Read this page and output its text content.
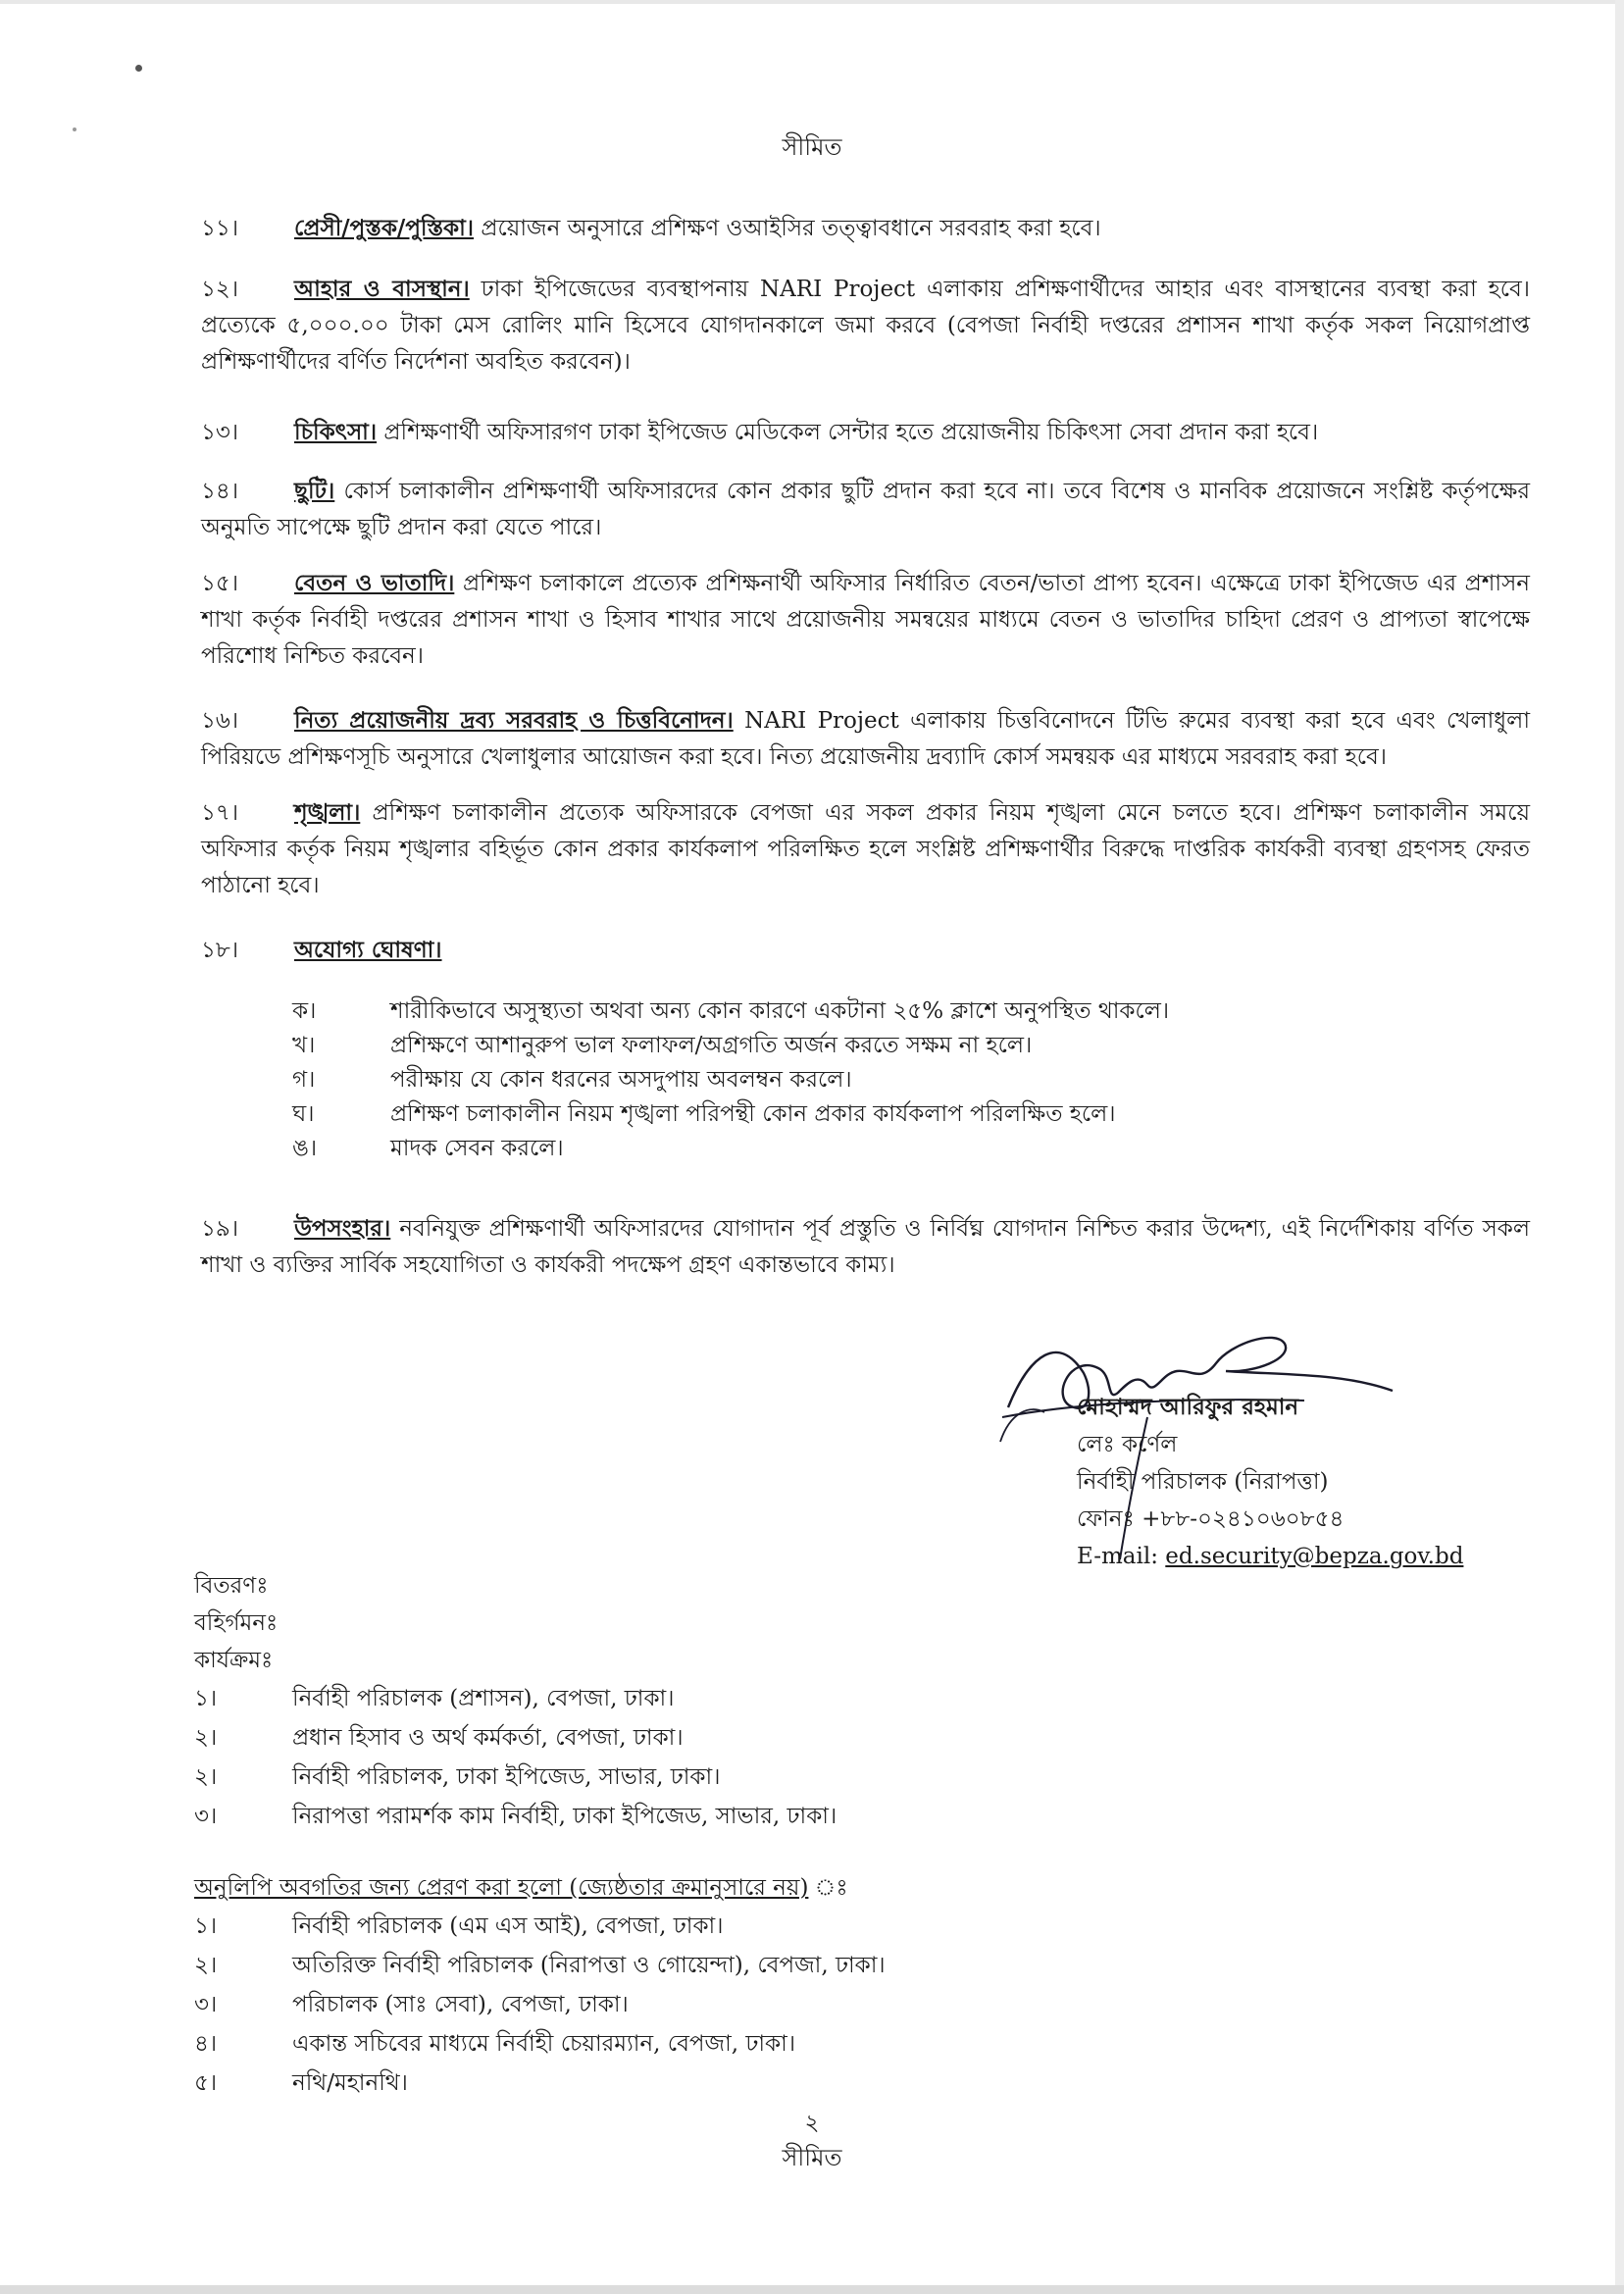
সীমিত
১১। প্রেসী/পুস্তক/পুস্তিকা। প্রয়োজন অনুসারে প্রশিক্ষণ ওআইসির তত্ত্বাবধানে সরবরাহ করা হবে।
১২। আহার ও বাসস্থান। ঢাকা ইপিজেডের ব্যবস্থাপনায় NARI Project এলাকায় প্রশিক্ষণার্থীদের আহার এবং বাসস্থানের ব্যবস্থা করা হবে। প্রত্যেকে ৫,০০০.০০ টাকা মেস রোলিং মানি হিসেবে যোগদানকালে জমা করবে (বেপজা নির্বাহী দপ্তরের প্রশাসন শাখা কর্তৃক সকল নিয়োগপ্রাপ্ত প্রশিক্ষণার্থীদের বর্ণিত নির্দেশনা অবহিত করবেন)।
১৩। চিকিৎসা। প্রশিক্ষণার্থী অফিসারগণ ঢাকা ইপিজেড মেডিকেল সেন্টার হতে প্রয়োজনীয় চিকিৎসা সেবা প্রদান করা হবে।
১৪। ছুটি। কোর্স চলাকালীন প্রশিক্ষণার্থী অফিসারদের কোন প্রকার ছুটি প্রদান করা হবে না। তবে বিশেষ ও মানবিক প্রয়োজনে সংশ্লিষ্ট কর্তৃপক্ষের অনুমতি সাপেক্ষে ছুটি প্রদান করা যেতে পারে।
১৫। বেতন ও ভাতাদি। প্রশিক্ষণ চলাকালে প্রত্যেক প্রশিক্ষনার্থী অফিসার নির্ধারিত বেতন/ভাতা প্রাপ্য হবেন। এক্ষেত্রে ঢাকা ইপিজেড এর প্রশাসন শাখা কর্তৃক নির্বাহী দপ্তরের প্রশাসন শাখা ও হিসাব শাখার সাথে প্রয়োজনীয় সমন্বয়ের মাধ্যমে বেতন ও ভাতাদির চাহিদা প্রেরণ ও প্রাপ্যতা স্বাপেক্ষে পরিশোধ নিশ্চিত করবেন।
১৬। নিত্য প্রয়োজনীয় দ্রব্য সরবরাহ ও চিত্তবিনোদন। NARI Project এলাকায় চিত্তবিনোদনে টিভি রুমের ব্যবস্থা করা হবে এবং খেলাধুলা পিরিয়ডে প্রশিক্ষণসূচি অনুসারে খেলাধুলার আয়োজন করা হবে। নিত্য প্রয়োজনীয় দ্রব্যাদি কোর্স সমন্বয়ক এর মাধ্যমে সরবরাহ করা হবে।
১৭। শৃঙ্খলা। প্রশিক্ষণ চলাকালীন প্রত্যেক অফিসারকে বেপজা এর সকল প্রকার নিয়ম শৃঙ্খলা মেনে চলতে হবে। প্রশিক্ষণ চলাকালীন সময়ে অফিসার কর্তৃক নিয়ম শৃঙ্খলার বহির্ভূত কোন প্রকার কার্যকলাপ পরিলক্ষিত হলে সংশ্লিষ্ট প্রশিক্ষণার্থীর বিরুদ্ধে দাপ্তরিক কার্যকরী ব্যবস্থা গ্রহণসহ ফেরত পাঠানো হবে।
১৮। অযোগ্য ঘোষণা।
ক।	শারীকিভাবে অসুস্থ্যতা অথবা অন্য কোন কারণে একটানা ২৫% ক্লাশে অনুপস্থিত থাকলে।
খ।	প্রশিক্ষণে আশানুরুপ ভাল ফলাফল/অগ্রগতি অর্জন করতে সক্ষম না হলে।
গ।	পরীক্ষায় যে কোন ধরনের অসদুপায় অবলম্বন করলে।
ঘ।	প্রশিক্ষণ চলাকালীন নিয়ম শৃঙ্খলা পরিপন্থী কোন প্রকার কার্যকলাপ পরিলক্ষিত হলে।
ঙ।	মাদক সেবন করলে।
১৯। উপসংহার। নবনিযুক্ত প্রশিক্ষণার্থী অফিসারদের যোগাদান পূর্ব প্রস্তুতি ও নির্বিঘ্ন যোগদান নিশ্চিত করার উদ্দেশ্য, এই নির্দেশিকায় বর্ণিত সকল শাখা ও ব্যক্তির সার্বিক সহযোগিতা ও কার্যকরী পদক্ষেপ গ্রহণ একান্তভাবে কাম্য।
মোহাম্মদ আরিফুর রহমান
লেঃ কর্ণেল
নির্বাহী পরিচালক (নিরাপত্তা)
ফোনঃ +৮৮-০২৪১০৬০৮৫৪
E-mail: ed.security@bepza.gov.bd
বিতরণঃ
বহির্গমনঃ
কার্যক্রমঃ
১।	নির্বাহী পরিচালক (প্রশাসন), বেপজা, ঢাকা।
২।	প্রধান হিসাব ও অর্থ কর্মকর্তা, বেপজা, ঢাকা।
২।	নির্বাহী পরিচালক, ঢাকা ইপিজেড, সাভার, ঢাকা।
৩।	নিরাপত্তা পরামর্শক কাম নির্বাহী, ঢাকা ইপিজেড, সাভার, ঢাকা।
অনুলিপি অবগতির জন্য প্রেরণ করা হলো (জ্যেষ্ঠতার ক্রমানুসারে নয়) ঃ
১।	নির্বাহী পরিচালক (এম এস আই), বেপজা, ঢাকা।
২।	অতিরিক্ত নির্বাহী পরিচালক (নিরাপত্তা ও গোয়েন্দা), বেপজা, ঢাকা।
৩।	পরিচালক (সাঃ সেবা), বেপজা, ঢাকা।
৪।	একান্ত সচিবের মাধ্যমে নির্বাহী চেয়ারম্যান, বেপজা, ঢাকা।
৫।	নথি/মহানথি।
২
সীমিত
